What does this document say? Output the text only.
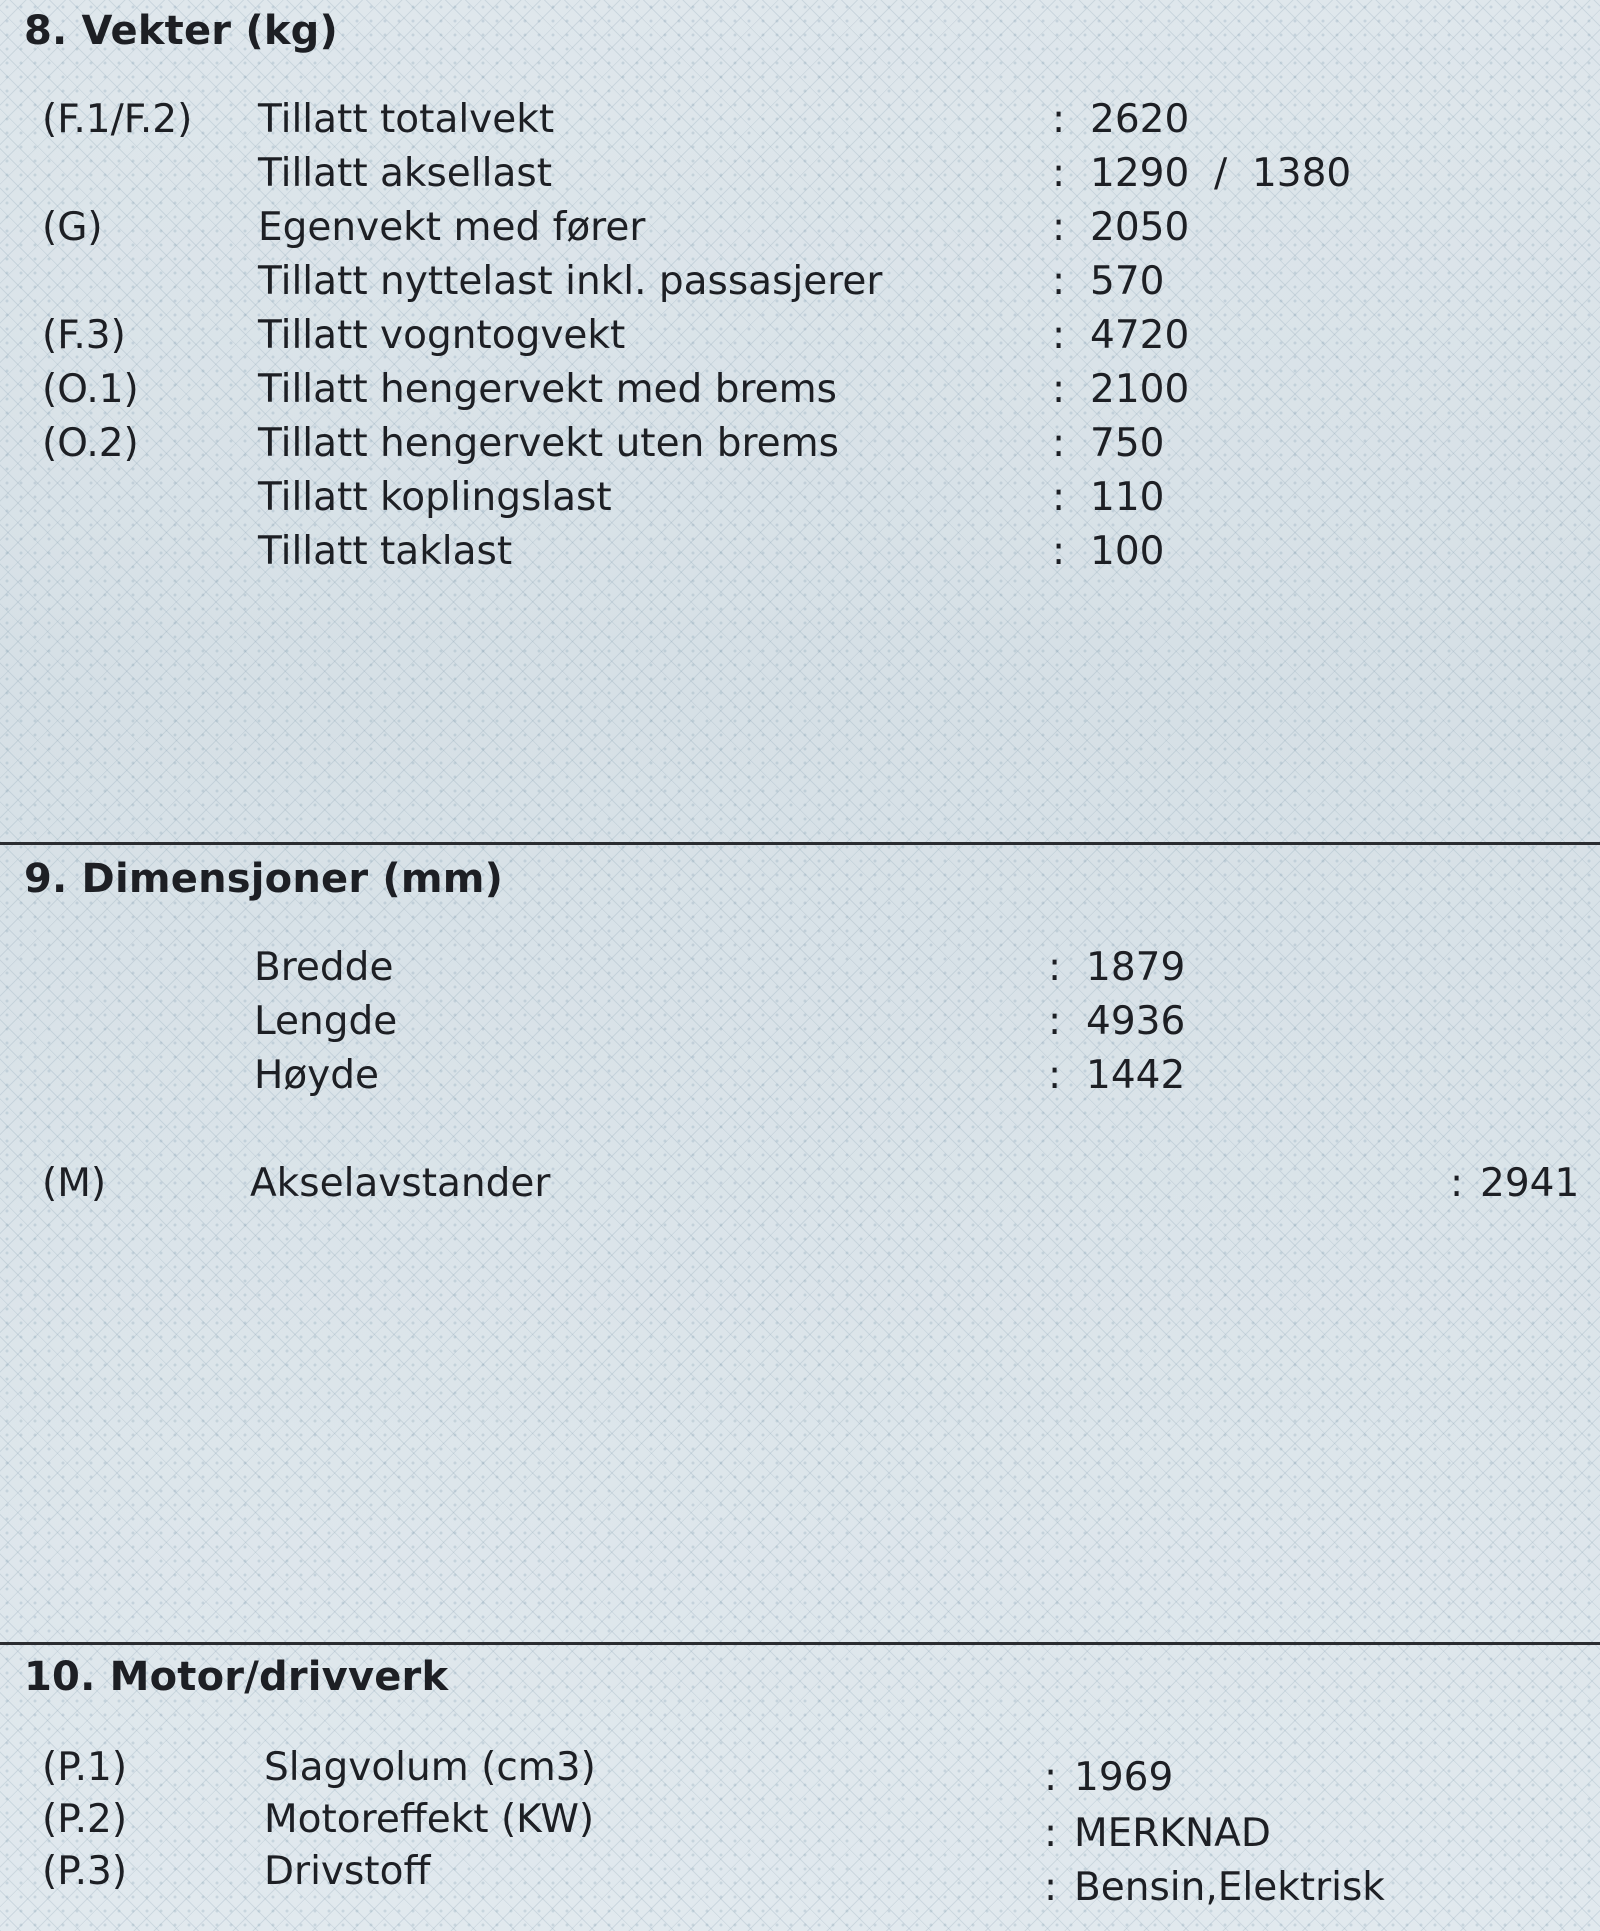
8. Vekter (kg)
(F.1/F.2) Tillatt totalvekt	: 2620
Tillatt aksellast	: 1290  /  1380
(G)	Egenvekt med fører	: 2050
Tillatt nyttelast inkl. passasjerer	: 570
(F.3)	Tillatt vogntogvekt	: 4720
(O.1)	Tillatt hengervekt med brems	: 2100
(O.2)	Tillatt hengervekt uten brems	: 750
Tillatt koplingslast	: 110
Tillatt taklast	: 100
9. Dimensjoner (mm)
Bredde	: 1879
Lengde	: 4936
Høyde	: 1442
(M)	Akselavstander	: 2941
10. Motor/drivverk
(P.1)	Slagvolum (cm3)	: 1969
(P.2)	Motoreffekt (KW)	: MERKNAD
(P.3)	Drivstoff	: Bensin,Elektrisk
